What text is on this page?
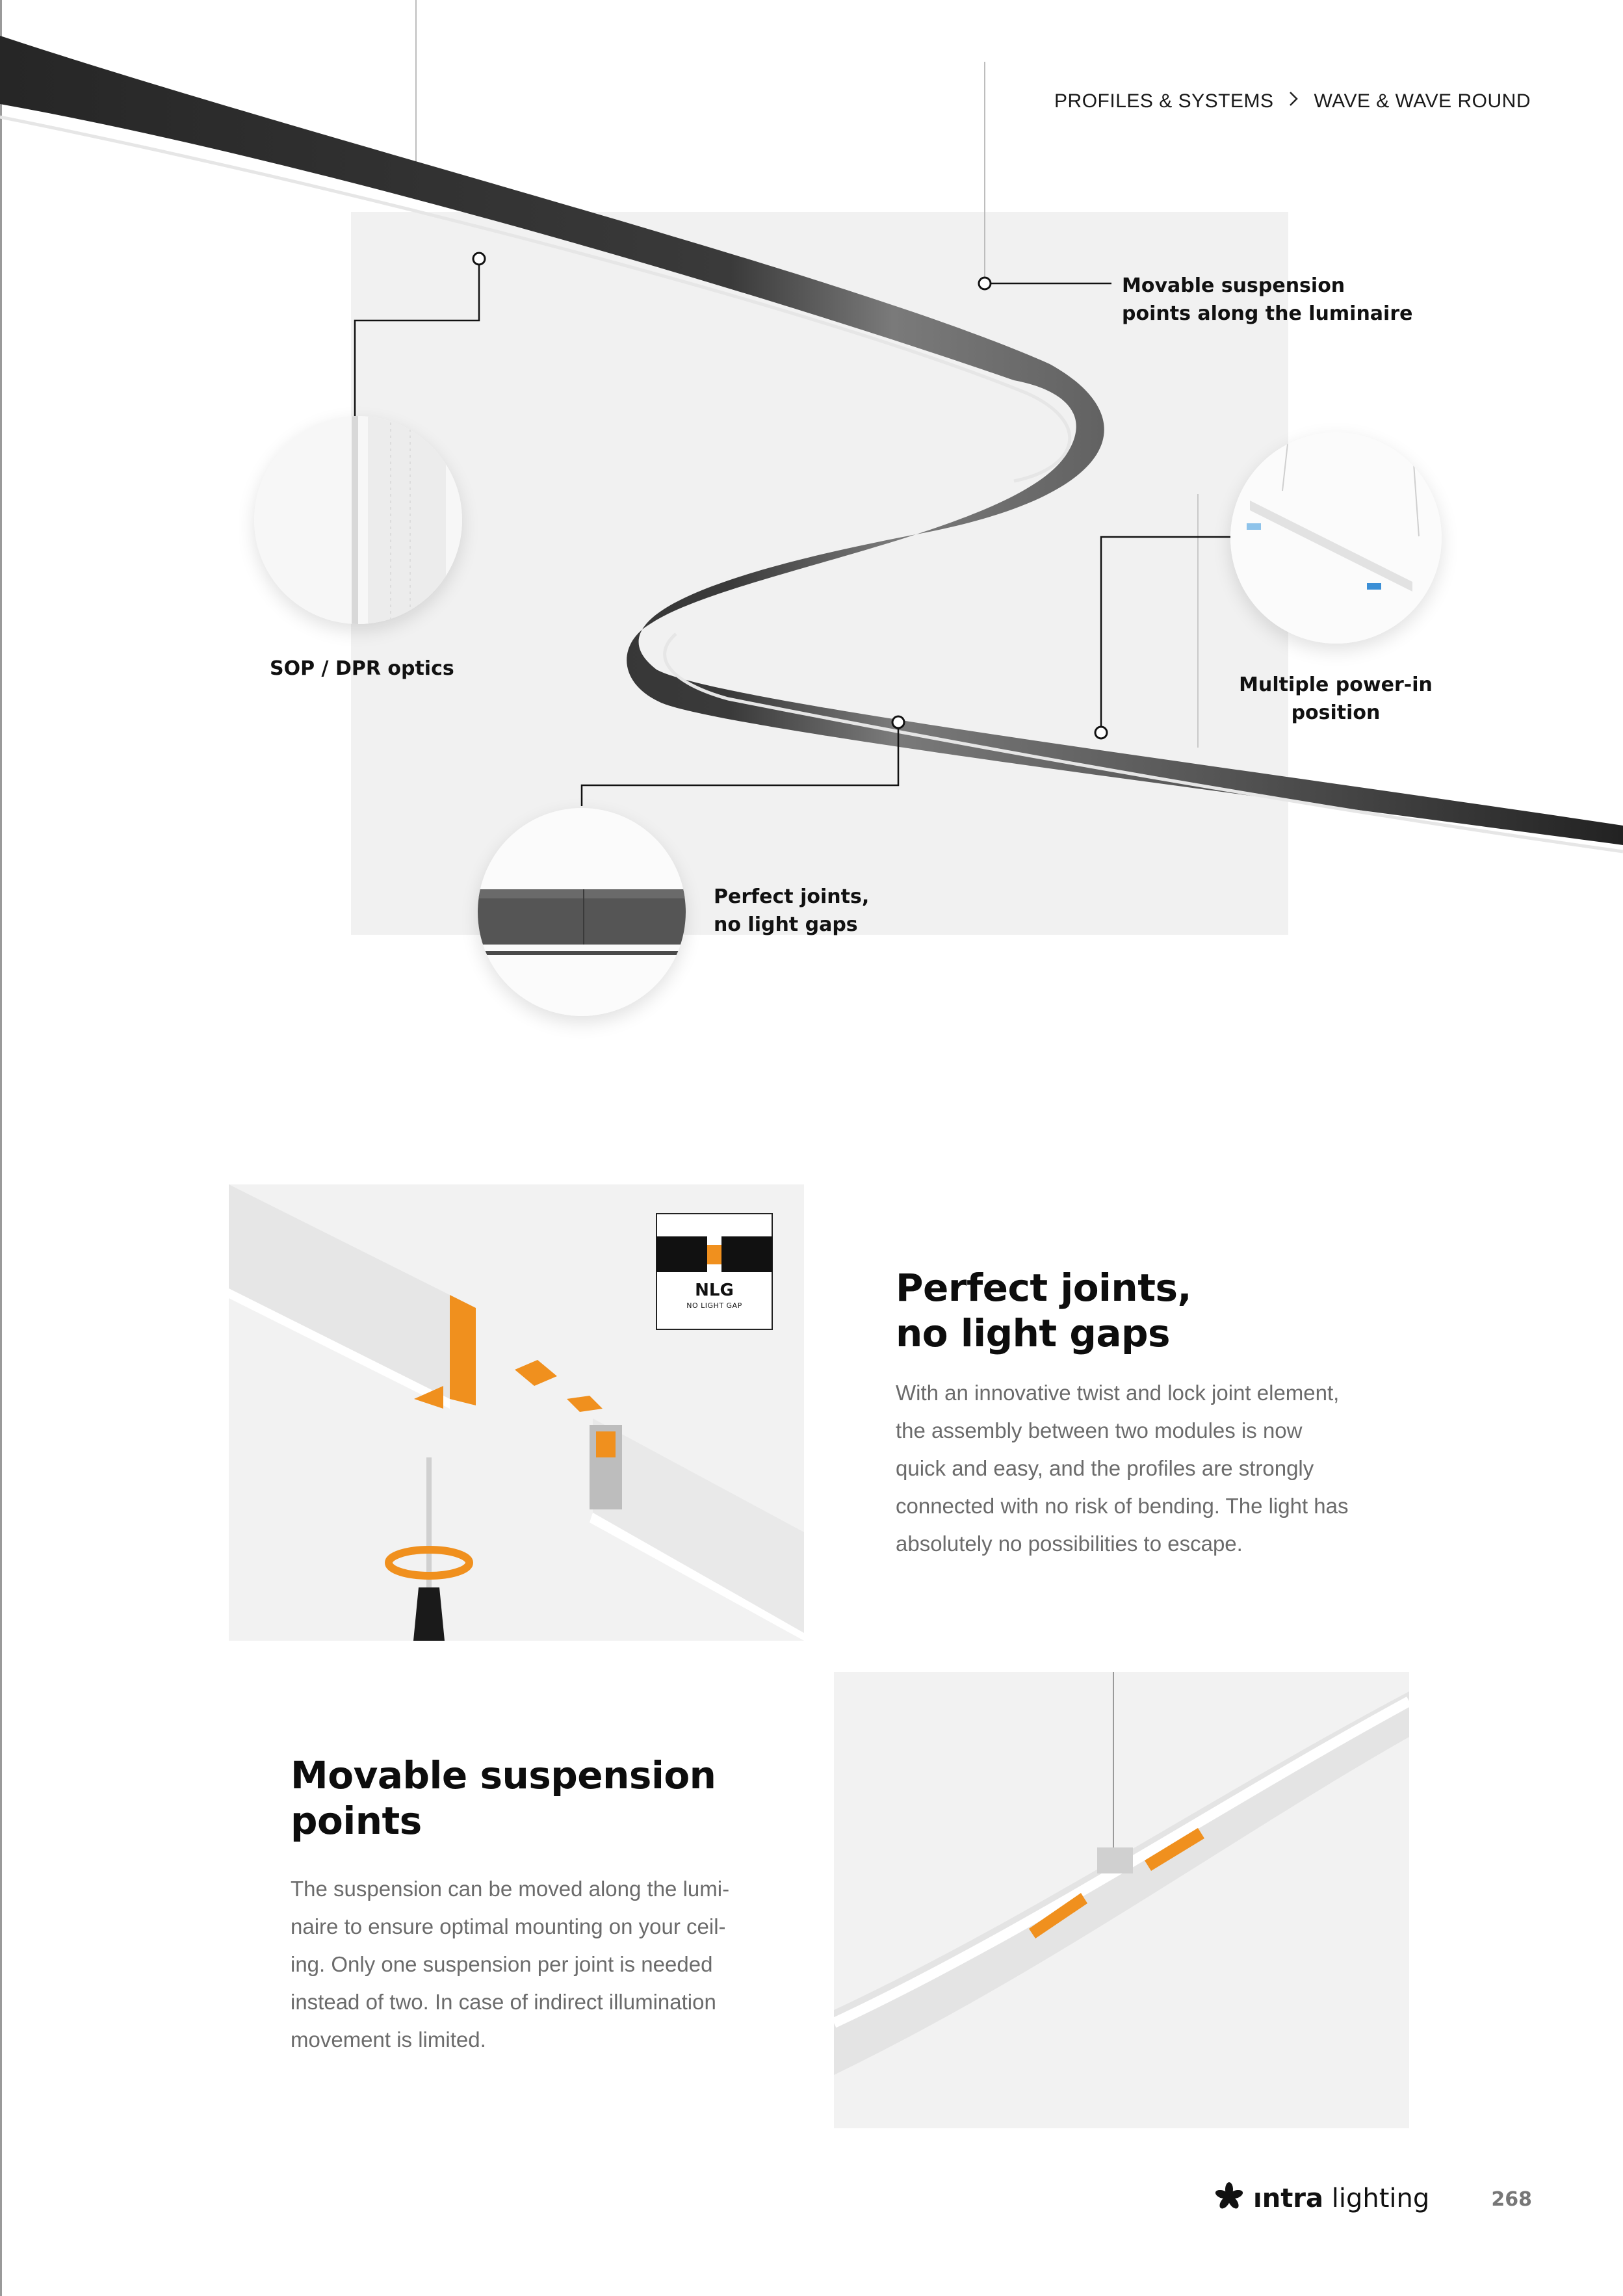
PROFILES & SYSTEMS WAVE & WAVE ROUND
Movable suspension
points along the luminaire
SOP / DPR optics
Multiple power-in
position
Perfect joints,
no light gaps
NLG
NO LIGHT GAP	Perfect joints,
no light gaps
With an innovative twist and lock joint element,
the assembly between two modules is now
quick and easy, and the profiles are strongly
connected with no risk of bending. The light has
absolutely no possibilities to escape.
Movable suspension
points
The suspension can be moved along the lumi-
naire to ensure optimal mounting on your ceil-
ing. Only one suspension per joint is needed
instead of two. In case of indirect illumination
movement is limited.
ıntra lighting	268
